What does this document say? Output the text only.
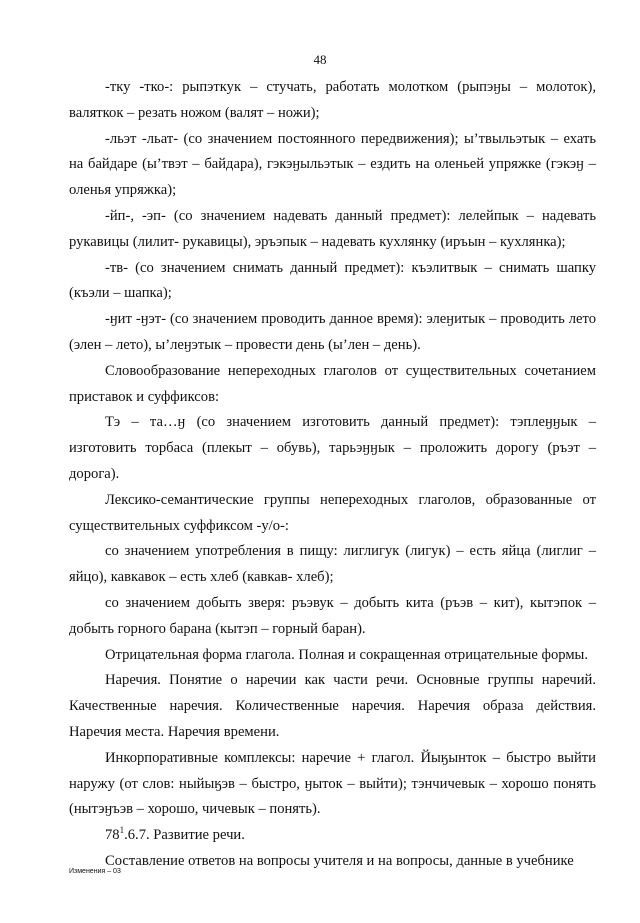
48

-тку -тко-: рыпэткук – стучать, работать молотком (рыпэӈы – молоток), валяткок – резать ножом (валят – ножи);

-льэт -льат- (со значением постоянного передвижения); ы’твыльэтык – ехать на байдаре (ы’твэт – байдара), гэкэӈыльэтык – ездить на оленьей упряжке (гэкэӈ – оленья упряжка);

-йп-, -эп- (со значением надевать данный предмет): лелейпык – надевать рукавицы (лилит- рукавицы), эръэпык – надевать кухлянку (иръын – кухлянка);

-тв- (со значением снимать данный предмет): къэлитвык – снимать шапку (къэли – шапка);

-ӈит -ӈэт- (со значением проводить данное время): элеӈитык – проводить лето (элен – лето), ы’леӈэтык – провести день (ы’лен – день).

Словообразование непереходных глаголов от существительных сочетанием приставок и суффиксов:

Тэ – та…ӈ (со значением изготовить данный предмет): тэплеӈӈык – изготовить торбаса (плекыт – обувь), тарьэӈӈык – проложить дорогу (ръэт – дорога).

Лексико-семантические группы непереходных глаголов, образованные от существительных суффиксом -у/о-:

со значением употребления в пищу: лиглигук (лигук) – есть яйца (лиглиг – яйцо), кавкавок – есть хлеб (кавкав- хлеб);

со значением добыть зверя: ръэвук – добыть кита (ръэв – кит), кытэпок – добыть горного барана (кытэп – горный баран).

Отрицательная форма глагола. Полная и сокращенная отрицательные формы.

Наречия. Понятие о наречии как части речи. Основные группы наречий. Качественные наречия. Количественные наречия. Наречия образа действия. Наречия места. Наречия времени.

Инкорпоративные комплексы: наречие + глагол. Йыӄынток – быстро выйти наружу (от слов: ныйыӄэв – быстро, ӈыток – выйти); тэнчичевык – хорошо понять (нытэӈъэв – хорошо, чичевык – понять).

$78^1.6.7$. Развитие речи.

Составление ответов на вопросы учителя и на вопросы, данные в учебнике

Изменения – 03
